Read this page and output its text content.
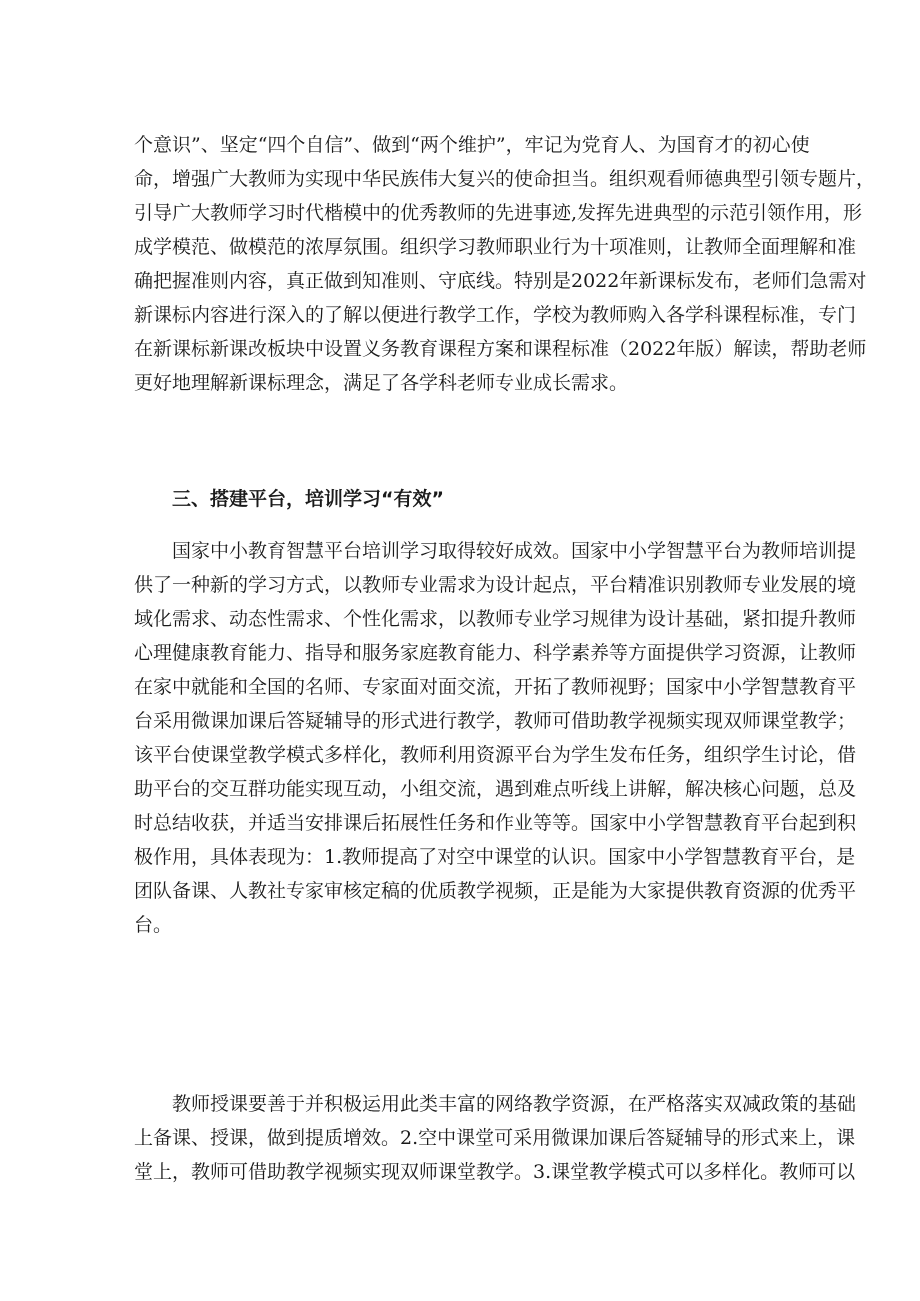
个意识”、坚定“四个自信”、做到“两个维护”，牢记为党育人、为国育才的初心使
命，增强广大教师为实现中华民族伟大复兴的使命担当。组织观看师德典型引领专题片，
引导广大教师学习时代楷模中的优秀教师的先进事迹,发挥先进典型的示范引领作用，形
成学模范、做模范的浓厚氛围。组织学习教师职业行为十项准则，让教师全面理解和准
确把握准则内容，真正做到知准则、守底线。特别是2022年新课标发布，老师们急需对
新课标内容进行深入的了解以便进行教学工作，学校为教师购入各学科课程标准，专门
在新课标新课改板块中设置义务教育课程方案和课程标准（2022年版）解读，帮助老师
更好地理解新课标理念，满足了各学科老师专业成长需求。
三、搭建平台，培训学习“有效”
　　国家中小教育智慧平台培训学习取得较好成效。国家中小学智慧平台为教师培训提
供了一种新的学习方式，以教师专业需求为设计起点，平台精准识别教师专业发展的境
域化需求、动态性需求、个性化需求，以教师专业学习规律为设计基础，紧扣提升教师
心理健康教育能力、指导和服务家庭教育能力、科学素养等方面提供学习资源，让教师
在家中就能和全国的名师、专家面对面交流，开拓了教师视野；国家中小学智慧教育平
台采用微课加课后答疑辅导的形式进行教学，教师可借助教学视频实现双师课堂教学；
该平台使课堂教学模式多样化，教师利用资源平台为学生发布任务，组织学生讨论，借
助平台的交互群功能实现互动，小组交流，遇到难点听线上讲解，解决核心问题，总及
时总结收获，并适当安排课后拓展性任务和作业等等。国家中小学智慧教育平台起到积
极作用，具体表现为：1.教师提高了对空中课堂的认识。国家中小学智慧教育平台，是
团队备课、人教社专家审核定稿的优质教学视频，正是能为大家提供教育资源的优秀平
台。
　　教师授课要善于并积极运用此类丰富的网络教学资源，在严格落实双减政策的基础
上备课、授课，做到提质增效。2.空中课堂可采用微课加课后答疑辅导的形式来上，课
堂上，教师可借助教学视频实现双师课堂教学。3.课堂教学模式可以多样化。教师可以
